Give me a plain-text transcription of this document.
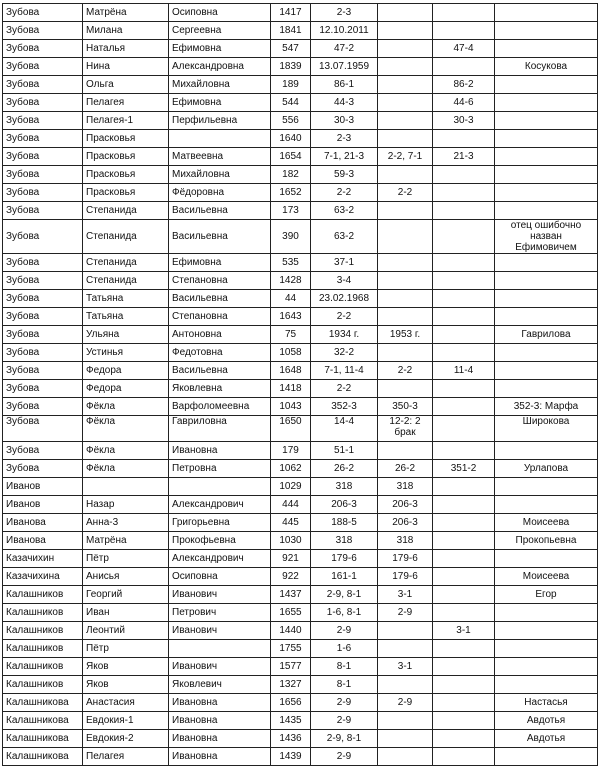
Зубова	Матрёна	Осиповна	1417	2-3			
Зубова	Милана	Сергеевна	1841	12.10.2011			
Зубова	Наталья	Ефимовна	547	47-2		47-4	
Зубова	Нина	Александровна	1839	13.07.1959			Косукова
Зубова	Ольга	Михайловна	189	86-1		86-2	
Зубова	Пелагея	Ефимовна	544	44-3		44-6	
Зубова	Пелагея-1	Перфильевна	556	30-3		30-3	
Зубова	Прасковья		1640	2-3			
Зубова	Прасковья	Матвеевна	1654	7-1, 21-3	2-2, 7-1	21-3	
Зубова	Прасковья	Михайловна	182	59-3			
Зубова	Прасковья	Фёдоровна	1652	2-2	2-2		
Зубова	Степанида	Васильевна	173	63-2			
Зубова	Степанида	Васильевна	390	63-2			отец ошибочно назван Ефимовичем
Зубова	Степанида	Ефимовна	535	37-1			
Зубова	Степанида	Степановна	1428	3-4			
Зубова	Татьяна	Васильевна	44	23.02.1968			
Зубова	Татьяна	Степановна	1643	2-2			
Зубова	Ульяна	Антоновна	75	1934 г.	1953 г.		Гаврилова
Зубова	Устинья	Федотовна	1058	32-2			
Зубова	Федора	Васильевна	1648	7-1, 11-4	2-2	11-4	
Зубова	Федора	Яковлевна	1418	2-2			
Зубова	Фёкла	Варфоломеевна	1043	352-3	350-3		352-3: Марфа
Зубова	Фёкла	Гавриловна	1650	14-4	12-2: 2 брак		Широкова
Зубова	Фёкла	Ивановна	179	51-1			
Зубова	Фёкла	Петровна	1062	26-2	26-2	351-2	Урлапова
Иванов			1029	318	318		
Иванов	Назар	Александрович	444	206-3	206-3		
Иванова	Анна-3	Григорьевна	445	188-5	206-3		Моисеева
Иванова	Матрёна	Прокофьевна	1030	318	318		Прокопьевна
Казачихин	Пётр	Александрович	921	179-6	179-6		
Казачихина	Анисья	Осиповна	922	161-1	179-6		Моисеева
Калашников	Георгий	Иванович	1437	2-9, 8-1	3-1		Егор
Калашников	Иван	Петрович	1655	1-6, 8-1	2-9		
Калашников	Леонтий	Иванович	1440	2-9		3-1	
Калашников	Пётр		1755	1-6			
Калашников	Яков	Иванович	1577	8-1	3-1		
Калашников	Яков	Яковлевич	1327	8-1			
Калашникова	Анастасия	Ивановна	1656	2-9	2-9		Настасья
Калашникова	Евдокия-1	Ивановна	1435	2-9			Авдотья
Калашникова	Евдокия-2	Ивановна	1436	2-9, 8-1			Авдотья
Калашникова	Пелагея	Ивановна	1439	2-9			
